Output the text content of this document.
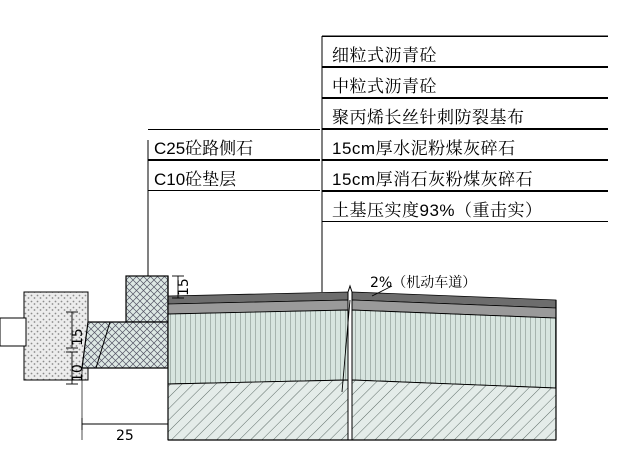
细粒式沥青砼
中粒式沥青砼
聚丙烯长丝针刺防裂基布
15cm厚水泥粉煤灰碎石
15cm厚消石灰粉煤灰碎石
土基压实度93%（重击实）
C25砼路侧石
C10砼垫层
15
15
10
25
2%（机动车道）
